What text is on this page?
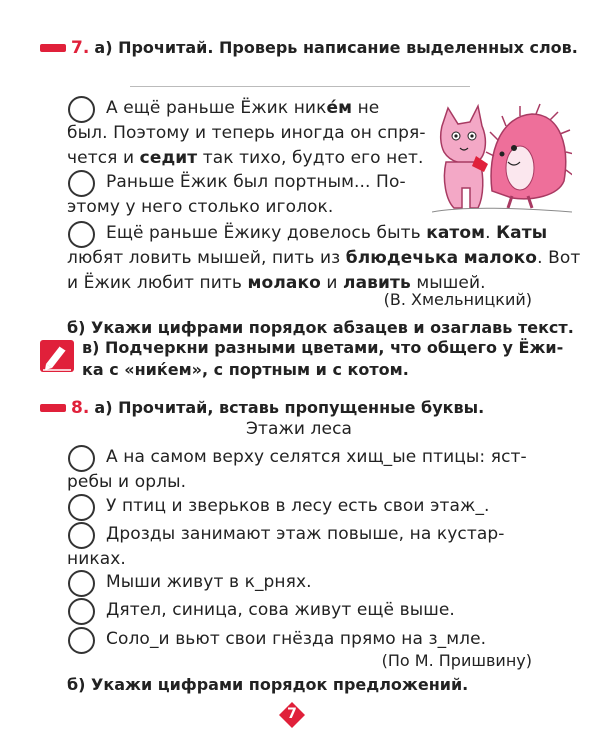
7. а) Прочитай. Проверь написание выделенных слов.
А ещё раньше Ёжик нике́м не
был. Поэтому и теперь иногда он спря-
чется и седит так тихо, будто его нет.
Раньше Ёжик был портным... По-
этому у него столько иголок.
Ещё раньше Ёжику довелось быть катом. Каты
любят ловить мышей, пить из блюдечька малоко. Вот
и Ёжик любит пить молако и лавить мышей.
(В. Хмельницкий)
б) Укажи цифрами порядок абзацев и озаглавь текст.
в) Подчеркни разными цветами, что общего у Ёжи-
ка с «ниќем», с портным и с котом.
8. а) Прочитай, вставь пропущенные буквы.
Этажи леса
А на самом верху селятся хищ_ые птицы: яст-
ребы и орлы.
У птиц и зверьков в лесу есть свои этаж_.
Дрозды занимают этаж повыше, на кустар-
никах.
Мыши живут в к_рнях.
Дятел, синица, сова живут ещё выше.
Соло_и вьют свои гнёзда прямо на з_мле.
(По М. Пришвину)
б) Укажи цифрами порядок предложений.
7
